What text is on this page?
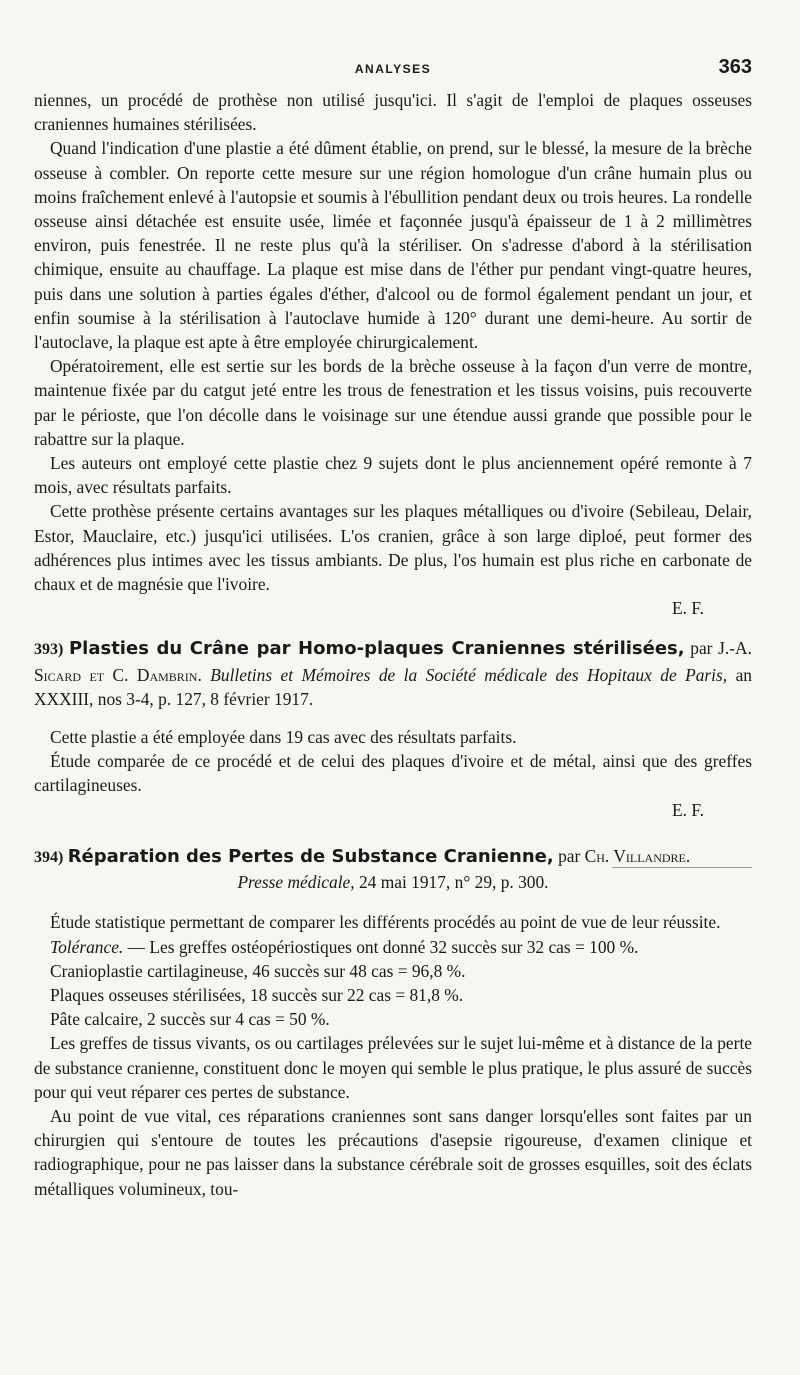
ANALYSES	363

niennes, un procédé de prothèse non utilisé jusqu'ici. Il s'agit de l'emploi de plaques osseuses craniennes humaines stérilisées.

Quand l'indication d'une plastie a été dûment établie, on prend, sur le blessé, la mesure de la brèche osseuse à combler. On reporte cette mesure sur une région homologue d'un crâne humain plus ou moins fraîchement enlevé à l'autopsie et soumis à l'ébullition pendant deux ou trois heures. La rondelle osseuse ainsi détachée est ensuite usée, limée et façonnée jusqu'à épaisseur de 1 à 2 millimètres environ, puis fenestrée. Il ne reste plus qu'à la stériliser. On s'adresse d'abord à la stérilisation chimique, ensuite au chauffage. La plaque est mise dans de l'éther pur pendant vingt-quatre heures, puis dans une solution à parties égales d'éther, d'alcool ou de formol également pendant un jour, et enfin soumise à la stérilisation à l'autoclave humide à 120° durant une demi-heure. Au sortir de l'autoclave, la plaque est apte à être employée chirurgicalement.

Opératoirement, elle est sertie sur les bords de la brèche osseuse à la façon d'un verre de montre, maintenue fixée par du catgut jeté entre les trous de fenestration et les tissus voisins, puis recouverte par le périoste, que l'on décolle dans le voisinage sur une étendue aussi grande que possible pour le rabattre sur la plaque.

Les auteurs ont employé cette plastie chez 9 sujets dont le plus anciennement opéré remonte à 7 mois, avec résultats parfaits.

Cette prothèse présente certains avantages sur les plaques métalliques ou d'ivoire (Sebileau, Delair, Estor, Mauclaire, etc.) jusqu'ici utilisées. L'os cranien, grâce à son large diploé, peut former des adhérences plus intimes avec les tissus ambiants. De plus, l'os humain est plus riche en carbonate de chaux et de magnésie que l'ivoire.

E. F.

393) Plasties du Crâne par Homo-plaques Craniennes stérilisées, par J.-A. Sicard et C. Dambrin. Bulletins et Mémoires de la Société médicale des Hopitaux de Paris, an XXXIII, nos 3-4, p. 127, 8 février 1917.

Cette plastie a été employée dans 19 cas avec des résultats parfaits.

Étude comparée de ce procédé et de celui des plaques d'ivoire et de métal, ainsi que des greffes cartilagineuses.

E. F.

394) Réparation des Pertes de Substance Cranienne, par Ch. Villandre.

Presse médicale, 24 mai 1917, n° 29, p. 300.

Étude statistique permettant de comparer les différents procédés au point de vue de leur réussite.

Tolérance. — Les greffes ostéopériostiques ont donné 32 succès sur 32 cas = 100 %.

Cranioplastie cartilagineuse, 46 succès sur 48 cas = 96,8 %.

Plaques osseuses stérilisées, 18 succès sur 22 cas = 81,8 %.

Pâte calcaire, 2 succès sur 4 cas = 50 %.

Les greffes de tissus vivants, os ou cartilages prélevées sur le sujet lui-même et à distance de la perte de substance cranienne, constituent donc le moyen qui semble le plus pratique, le plus assuré de succès pour qui veut réparer ces pertes de substance.

Au point de vue vital, ces réparations craniennes sont sans danger lorsqu'elles sont faites par un chirurgien qui s'entoure de toutes les précautions d'asepsie rigoureuse, d'examen clinique et radiographique, pour ne pas laisser dans la substance cérébrale soit de grosses esquilles, soit des éclats métalliques volumineux, tou-
